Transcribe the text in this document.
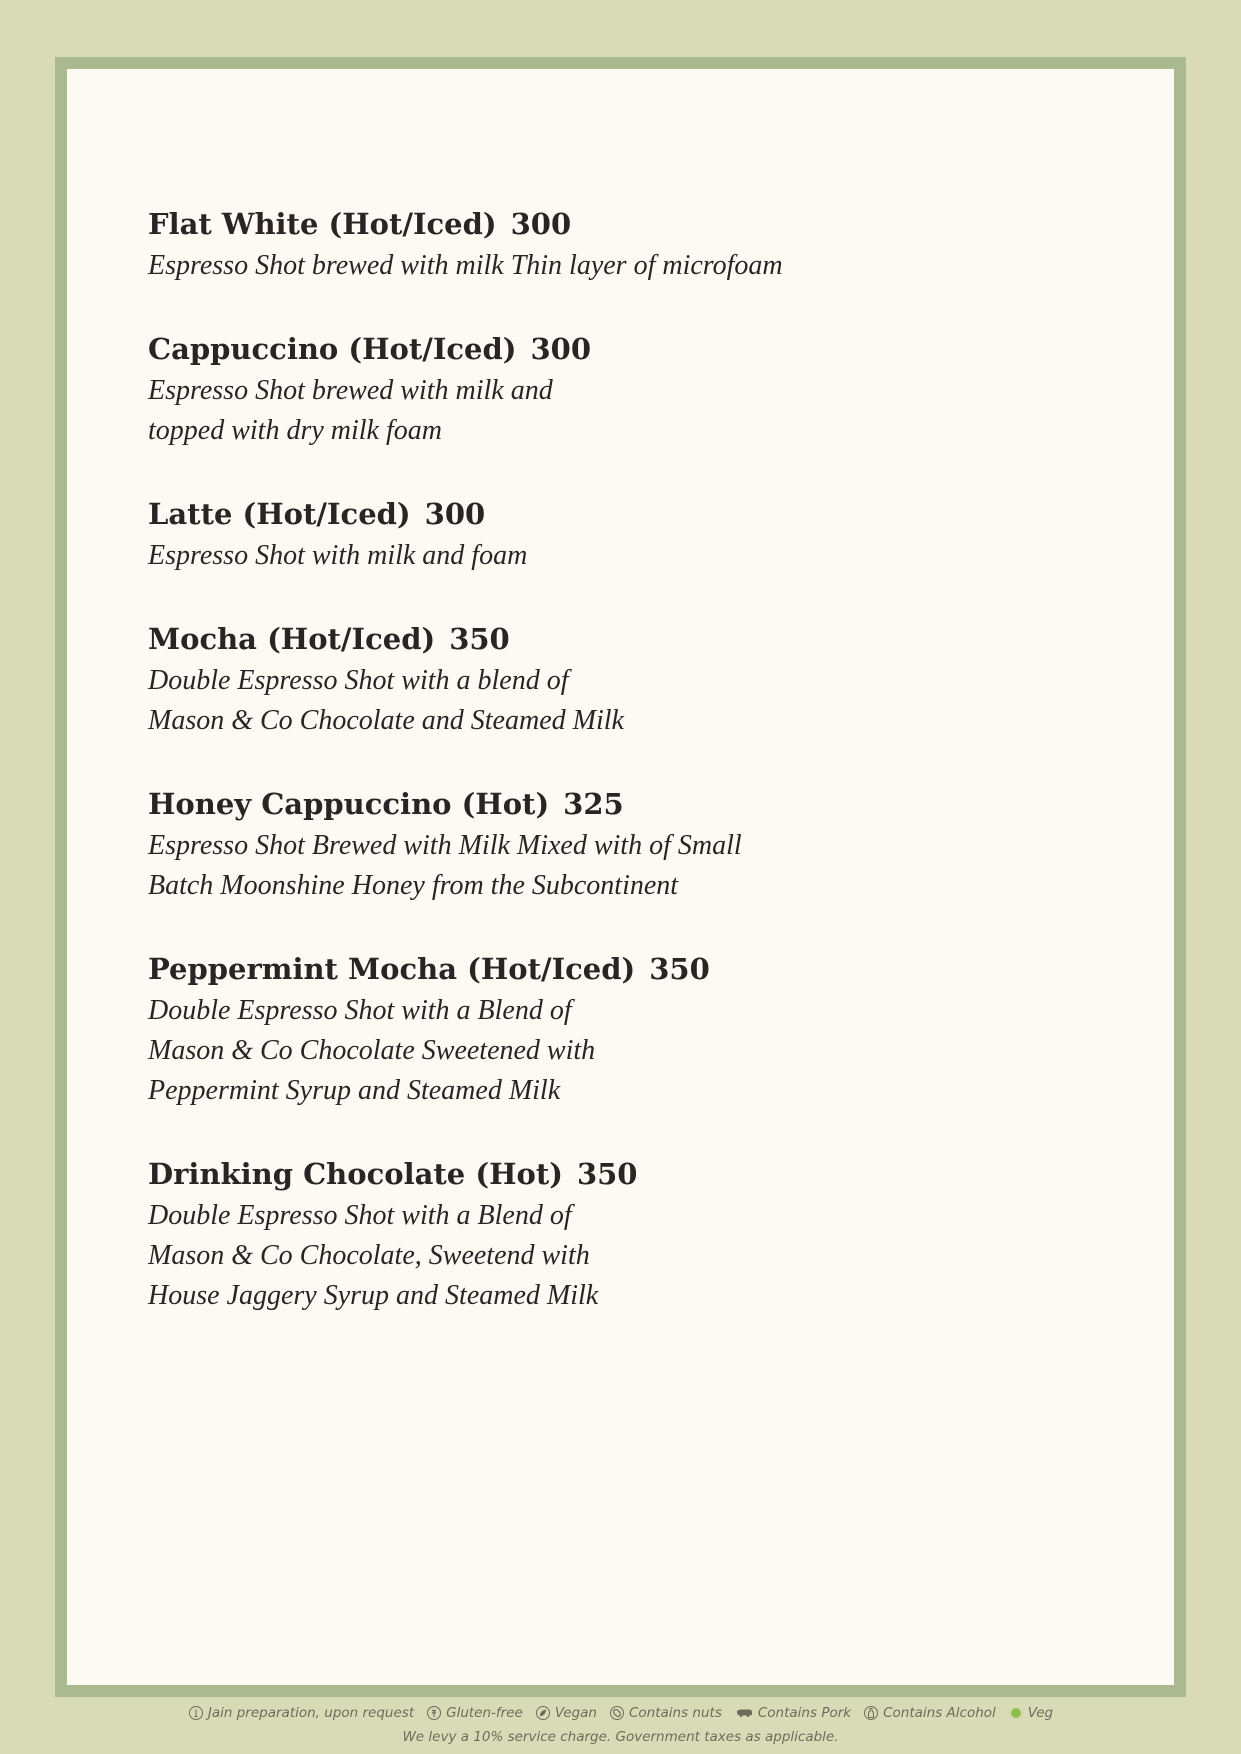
Flat White (Hot/Iced) 300
Espresso Shot brewed with milk Thin layer of microfoam
Cappuccino (Hot/Iced) 300
Espresso Shot brewed with milk and
topped with dry milk foam
Latte (Hot/Iced) 300
Espresso Shot with milk and foam
Mocha (Hot/Iced) 350
Double Espresso Shot with a blend of
Mason & Co Chocolate and Steamed Milk
Honey Cappuccino (Hot) 325
Espresso Shot Brewed with Milk Mixed with of Small
Batch Moonshine Honey from the Subcontinent
Peppermint Mocha (Hot/Iced) 350
Double Espresso Shot with a Blend of
Mason & Co Chocolate Sweetened with
Peppermint Syrup and Steamed Milk
Drinking Chocolate (Hot) 350
Double Espresso Shot with a Blend of
Mason & Co Chocolate, Sweetend with
House Jaggery Syrup and Steamed Milk
Jain preparation, upon request Gluten-free Vegan Contains nuts	Contains Pork Contains Alcohol Veg
We levy a 10% service charge. Government taxes as applicable.
